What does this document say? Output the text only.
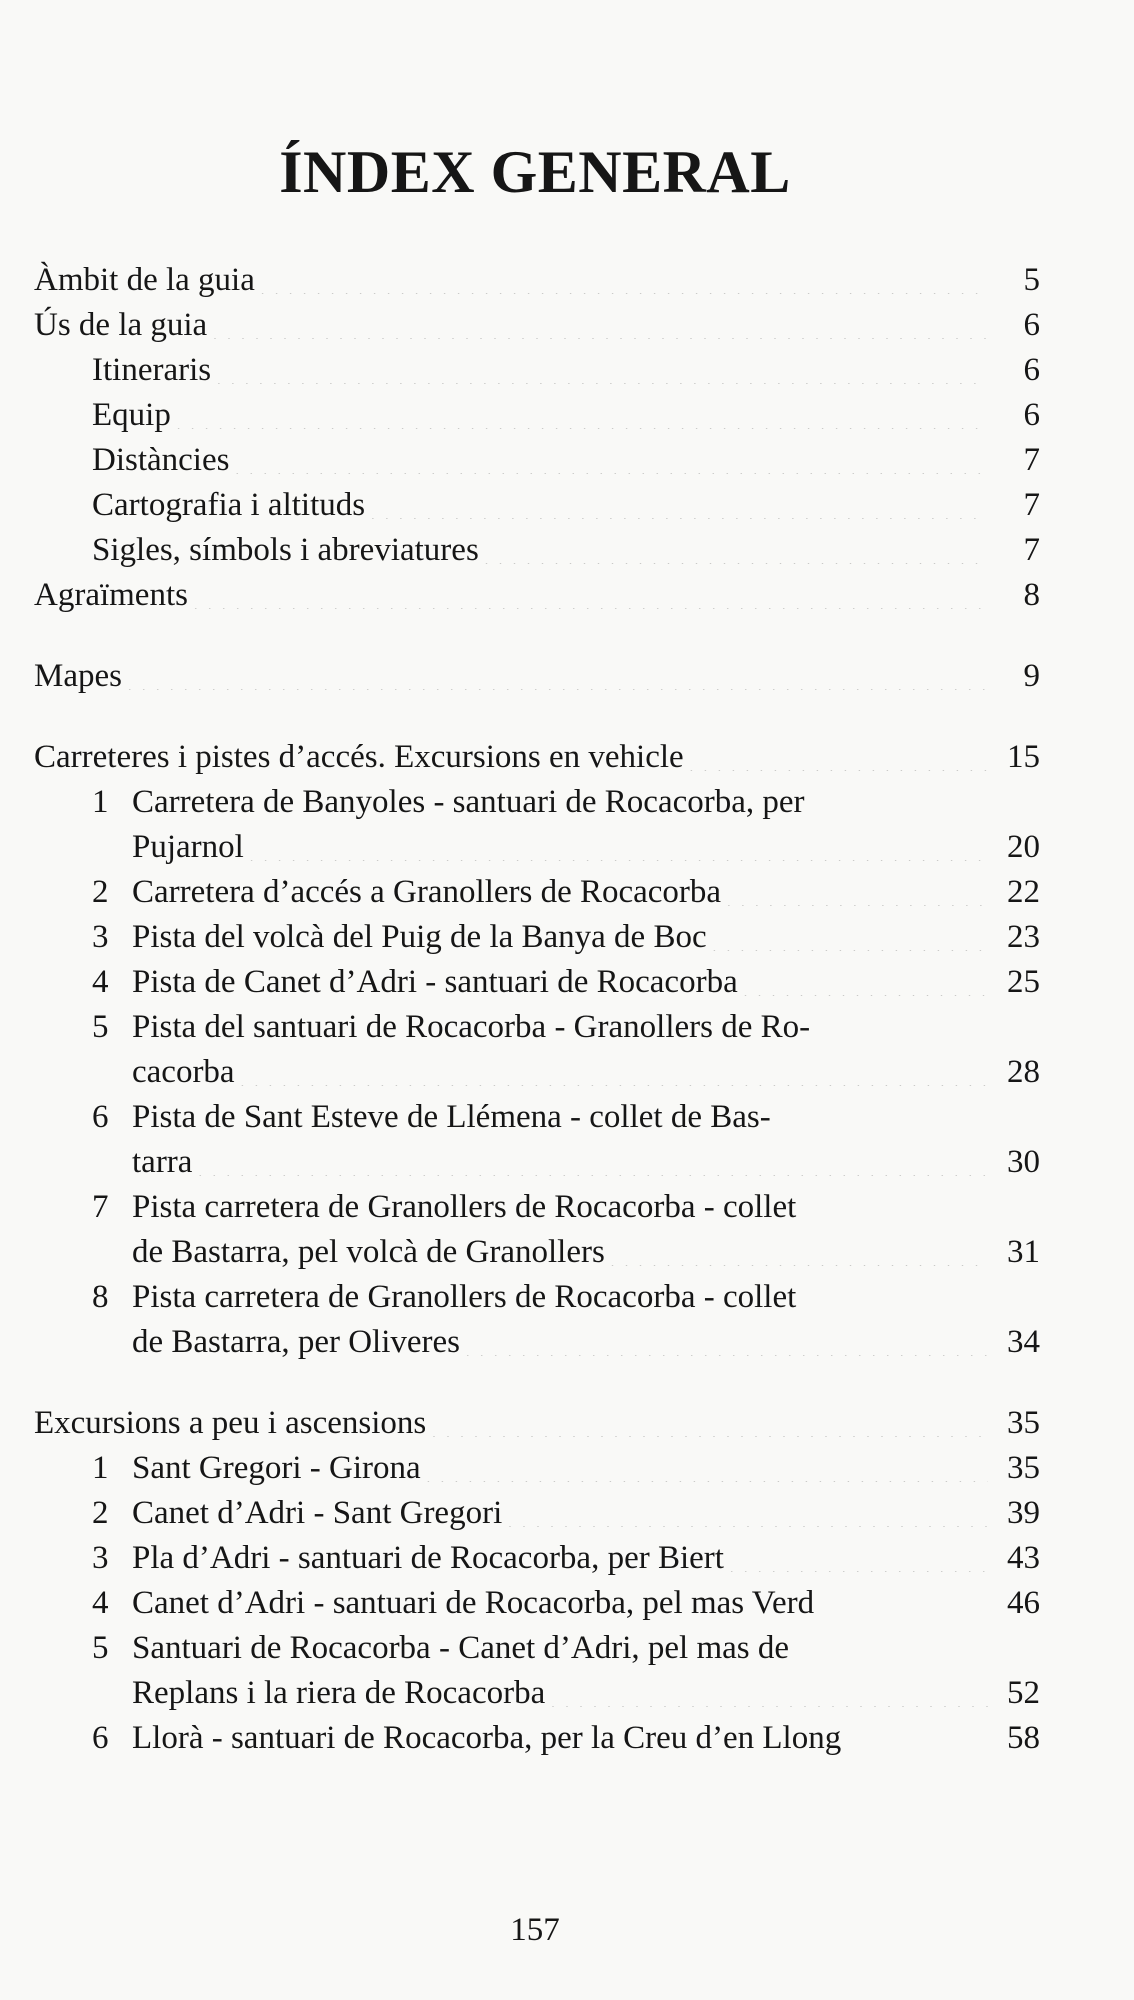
ÍNDEX GENERAL
Àmbit de la guia . . .	5
Ús de la guia . . .	6
Itineraris . . .	6
Equip . . .	6
Distàncies . . .	7
Cartografia i altituds . . .	7
Sigles, símbols i abreviatures . . .	7
Agraïments . . .	8
Mapes . . .	9
Carreteres i pistes d’accés. Excursions en vehicle . . .	15
1 Carretera de Banyoles - santuari de Rocacorba, per
Pujarnol . . .	20
2 Carretera d’accés a Granollers de Rocacorba . . .	22
3 Pista del volcà del Puig de la Banya de Boc . . .	23
4 Pista de Canet d’Adri - santuari de Rocacorba . . .	25
5 Pista del santuari de Rocacorba - Granollers de Ro-
cacorba . . .	28
6 Pista de Sant Esteve de Llémena - collet de Bas-
tarra . . .	30
7 Pista carretera de Granollers de Rocacorba - collet
de Bastarra, pel volcà de Granollers . . .	31
8 Pista carretera de Granollers de Rocacorba - collet
de Bastarra, per Oliveres . . .	34
Excursions a peu i ascensions . . .	35
1 Sant Gregori - Girona . . .	35
2 Canet d’Adri - Sant Gregori . . .	39
3 Pla d’Adri - santuari de Rocacorba, per Biert . . .	43
4 Canet d’Adri - santuari de Rocacorba, pel mas Verd	46
5 Santuari de Rocacorba - Canet d’Adri, pel mas de
Replans i la riera de Rocacorba . . .	52
6 Llorà - santuari de Rocacorba, per la Creu d’en Llong	58
157
